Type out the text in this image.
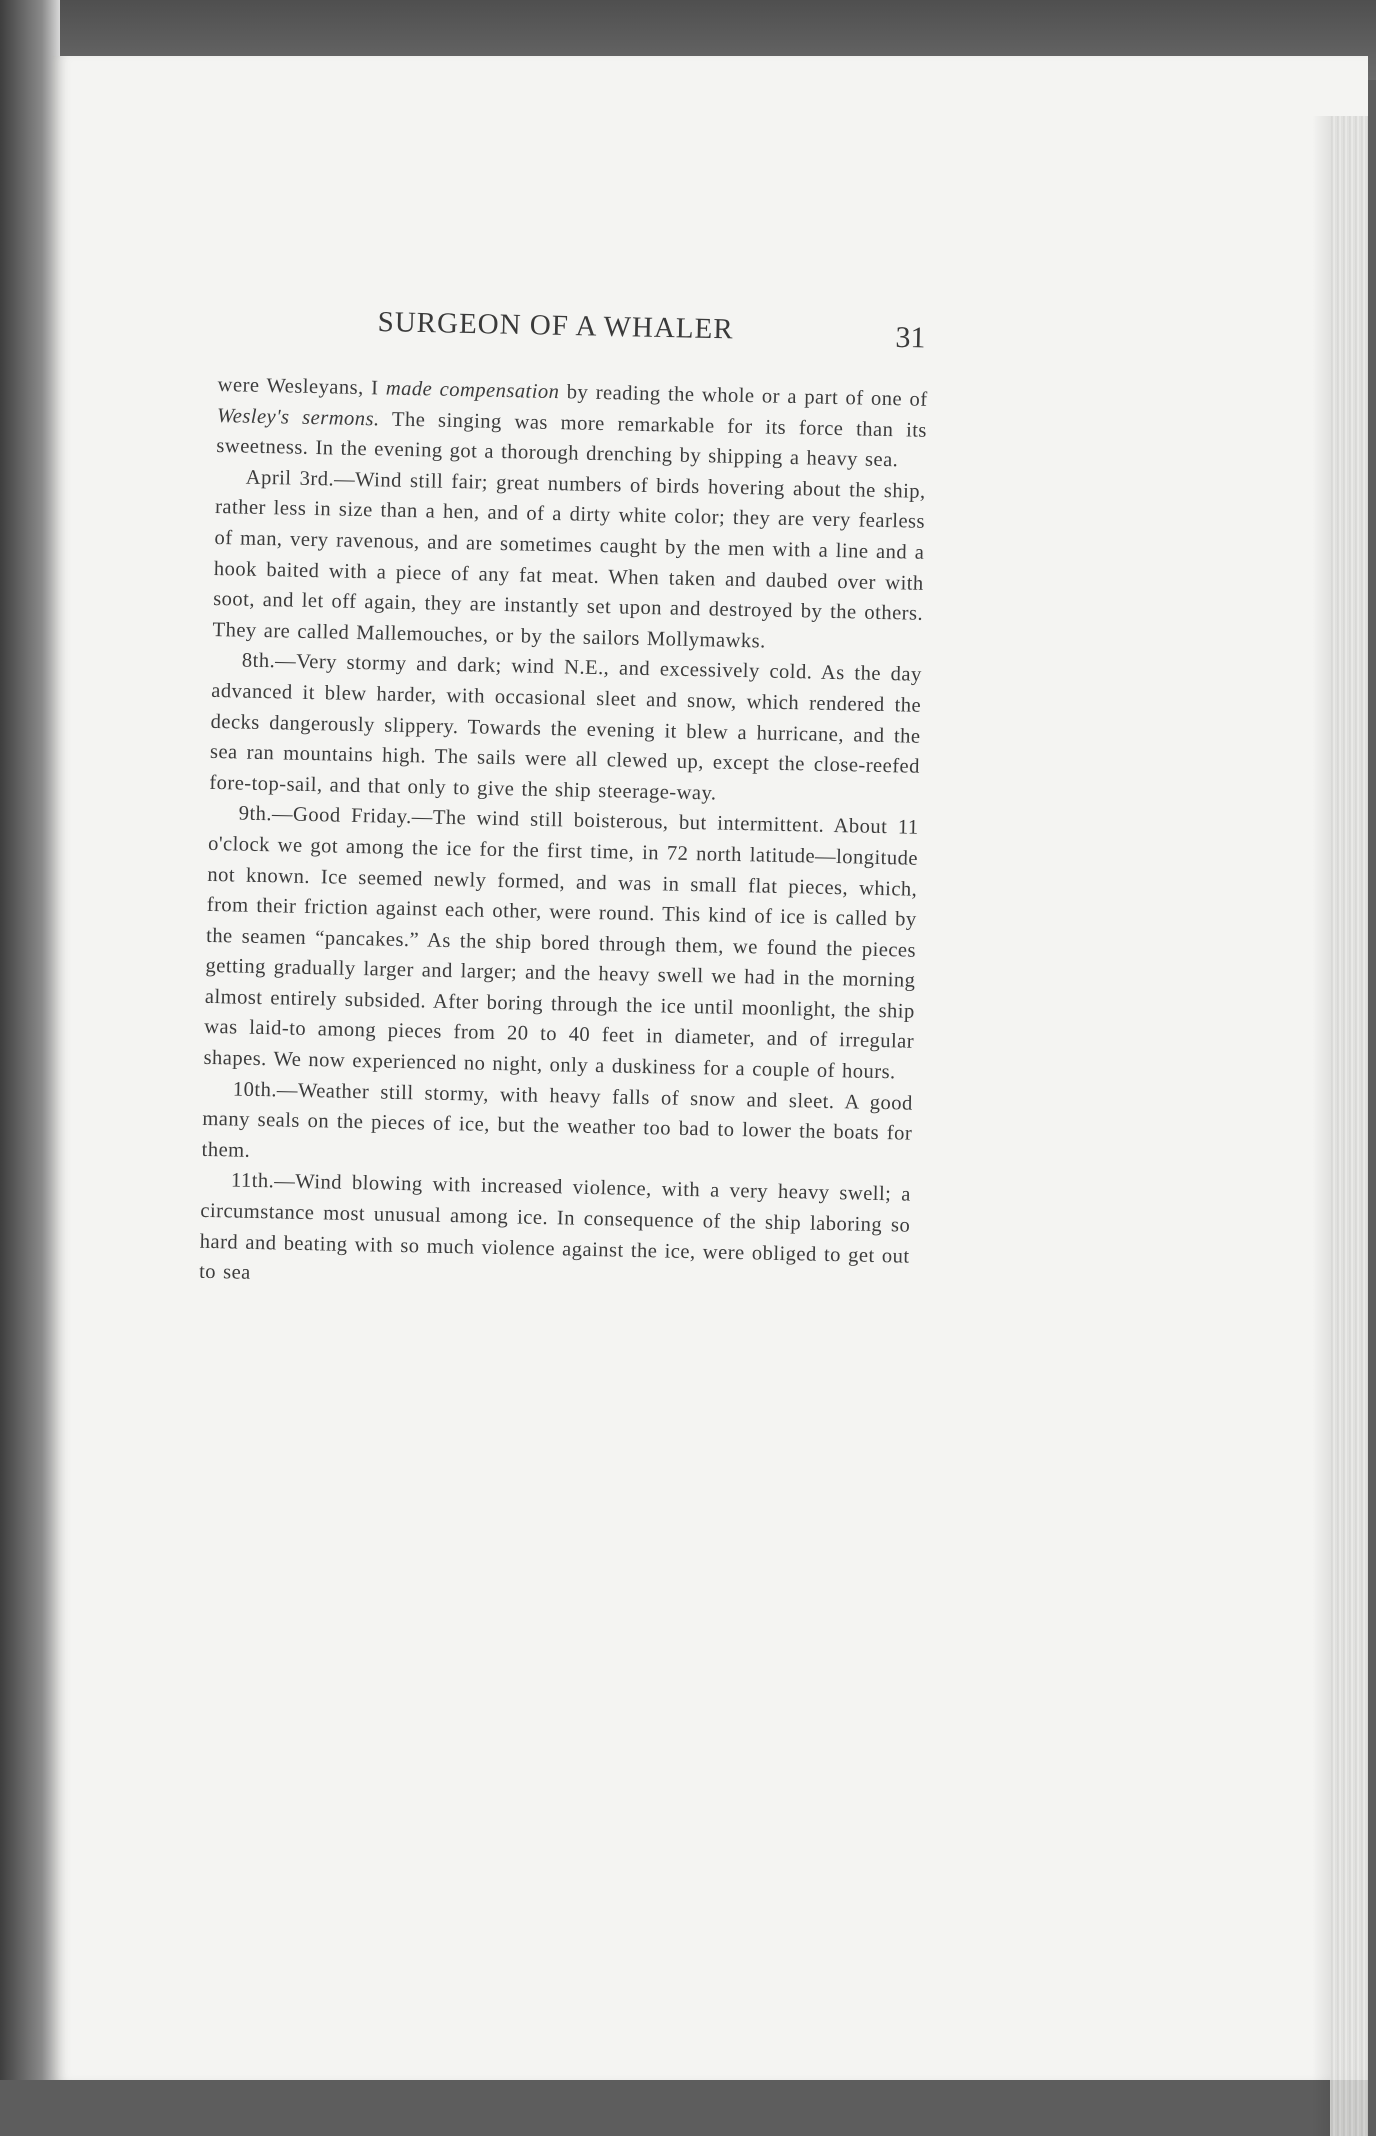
SURGEON OF A WHALER	31

were Wesleyans, I made compensation by reading the whole or a part of one of Wesley's sermons. The singing was more remarkable for its force than its sweetness. In the evening got a thorough drenching by shipping a heavy sea.

April 3rd.—Wind still fair; great numbers of birds hovering about the ship, rather less in size than a hen, and of a dirty white color; they are very fearless of man, very ravenous, and are sometimes caught by the men with a line and a hook baited with a piece of any fat meat. When taken and daubed over with soot, and let off again, they are instantly set upon and destroyed by the others. They are called Mallemouches, or by the sailors Mollymawks.

8th.—Very stormy and dark; wind N.E., and excessively cold. As the day advanced it blew harder, with occasional sleet and snow, which rendered the decks dangerously slippery. Towards the evening it blew a hurricane, and the sea ran mountains high. The sails were all clewed up, except the close-reefed fore-top-sail, and that only to give the ship steerage-way.

9th.—Good Friday.—The wind still boisterous, but intermittent. About 11 o'clock we got among the ice for the first time, in 72 north latitude—longitude not known. Ice seemed newly formed, and was in small flat pieces, which, from their friction against each other, were round. This kind of ice is called by the seamen “pancakes.” As the ship bored through them, we found the pieces getting gradually larger and larger; and the heavy swell we had in the morning almost entirely subsided. After boring through the ice until moonlight, the ship was laid-to among pieces from 20 to 40 feet in diameter, and of irregular shapes. We now experienced no night, only a duskiness for a couple of hours.

10th.—Weather still stormy, with heavy falls of snow and sleet. A good many seals on the pieces of ice, but the weather too bad to lower the boats for them.

11th.—Wind blowing with increased violence, with a very heavy swell; a circumstance most unusual among ice. In consequence of the ship laboring so hard and beating with so much violence against the ice, were obliged to get out to sea
